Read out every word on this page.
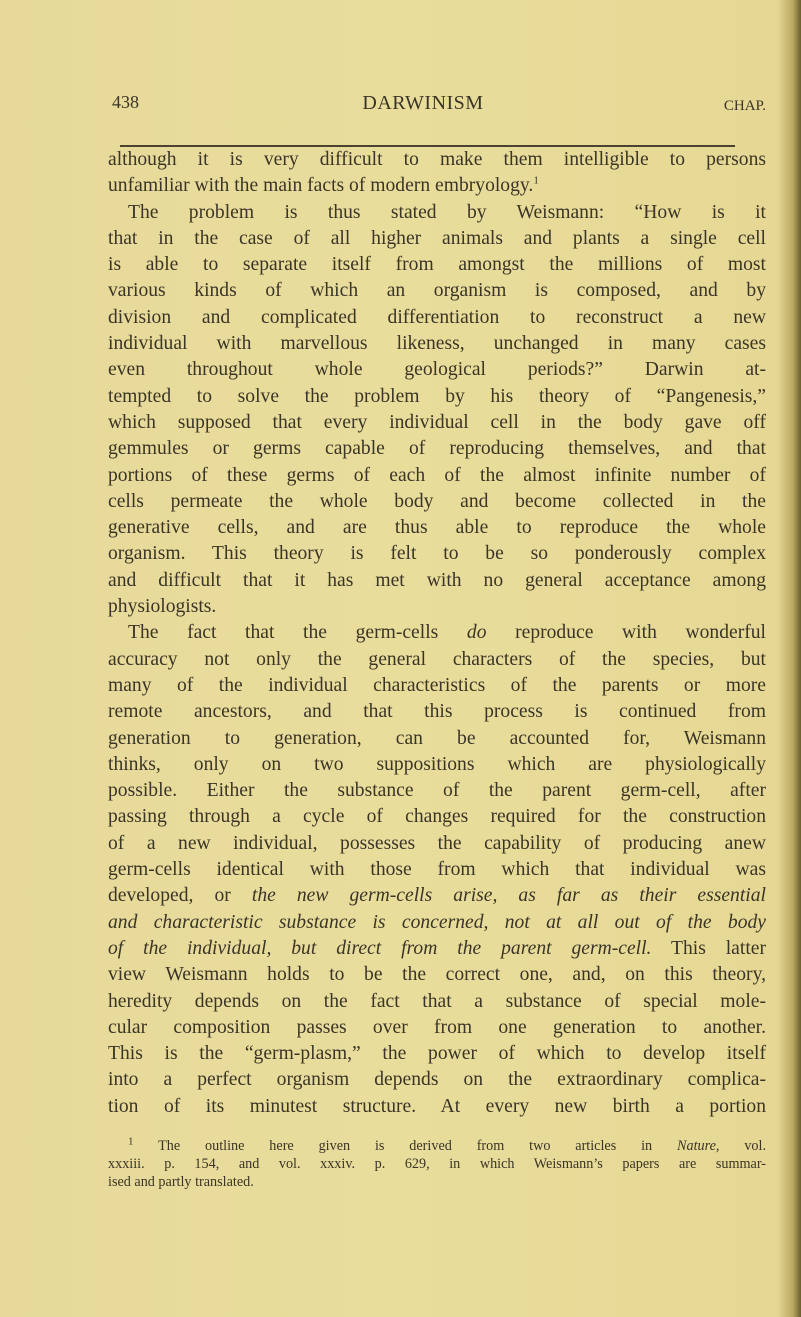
438	DARWINISM	CHAP.
although it is very difficult to make them intelligible to persons
unfamiliar with the main facts of modern embryology.$^1$
The problem is thus stated by Weismann: “How is it
that in the case of all higher animals and plants a single cell
is able to separate itself from amongst the millions of most
various kinds of which an organism is composed, and by
division and complicated differentiation to reconstruct a new
individual with marvellous likeness, unchanged in many cases
even throughout whole geological periods?” Darwin at-
tempted to solve the problem by his theory of “Pangenesis,”
which supposed that every individual cell in the body gave off
gemmules or germs capable of reproducing themselves, and that
portions of these germs of each of the almost infinite number of
cells permeate the whole body and become collected in the
generative cells, and are thus able to reproduce the whole
organism. This theory is felt to be so ponderously complex
and difficult that it has met with no general acceptance among
physiologists.
The fact that the germ-cells do reproduce with wonderful
accuracy not only the general characters of the species, but
many of the individual characteristics of the parents or more
remote ancestors, and that this process is continued from
generation to generation, can be accounted for, Weismann
thinks, only on two suppositions which are physiologically
possible. Either the substance of the parent germ-cell, after
passing through a cycle of changes required for the construction
of a new individual, possesses the capability of producing anew
germ-cells identical with those from which that individual was
developed, or the new germ-cells arise, as far as their essential
and characteristic substance is concerned, not at all out of the body
of the individual, but direct from the parent germ-cell. This latter
view Weismann holds to be the correct one, and, on this theory,
heredity depends on the fact that a substance of special mole-
cular composition passes over from one generation to another.
This is the “germ-plasm,” the power of which to develop itself
into a perfect organism depends on the extraordinary complica-
tion of its minutest structure. At every new birth a portion
$^1$ The outline here given is derived from two articles in Nature, vol.
xxxiii. p. 154, and vol. xxxiv. p. 629, in which Weismann’s papers are summar-
ised and partly translated.
